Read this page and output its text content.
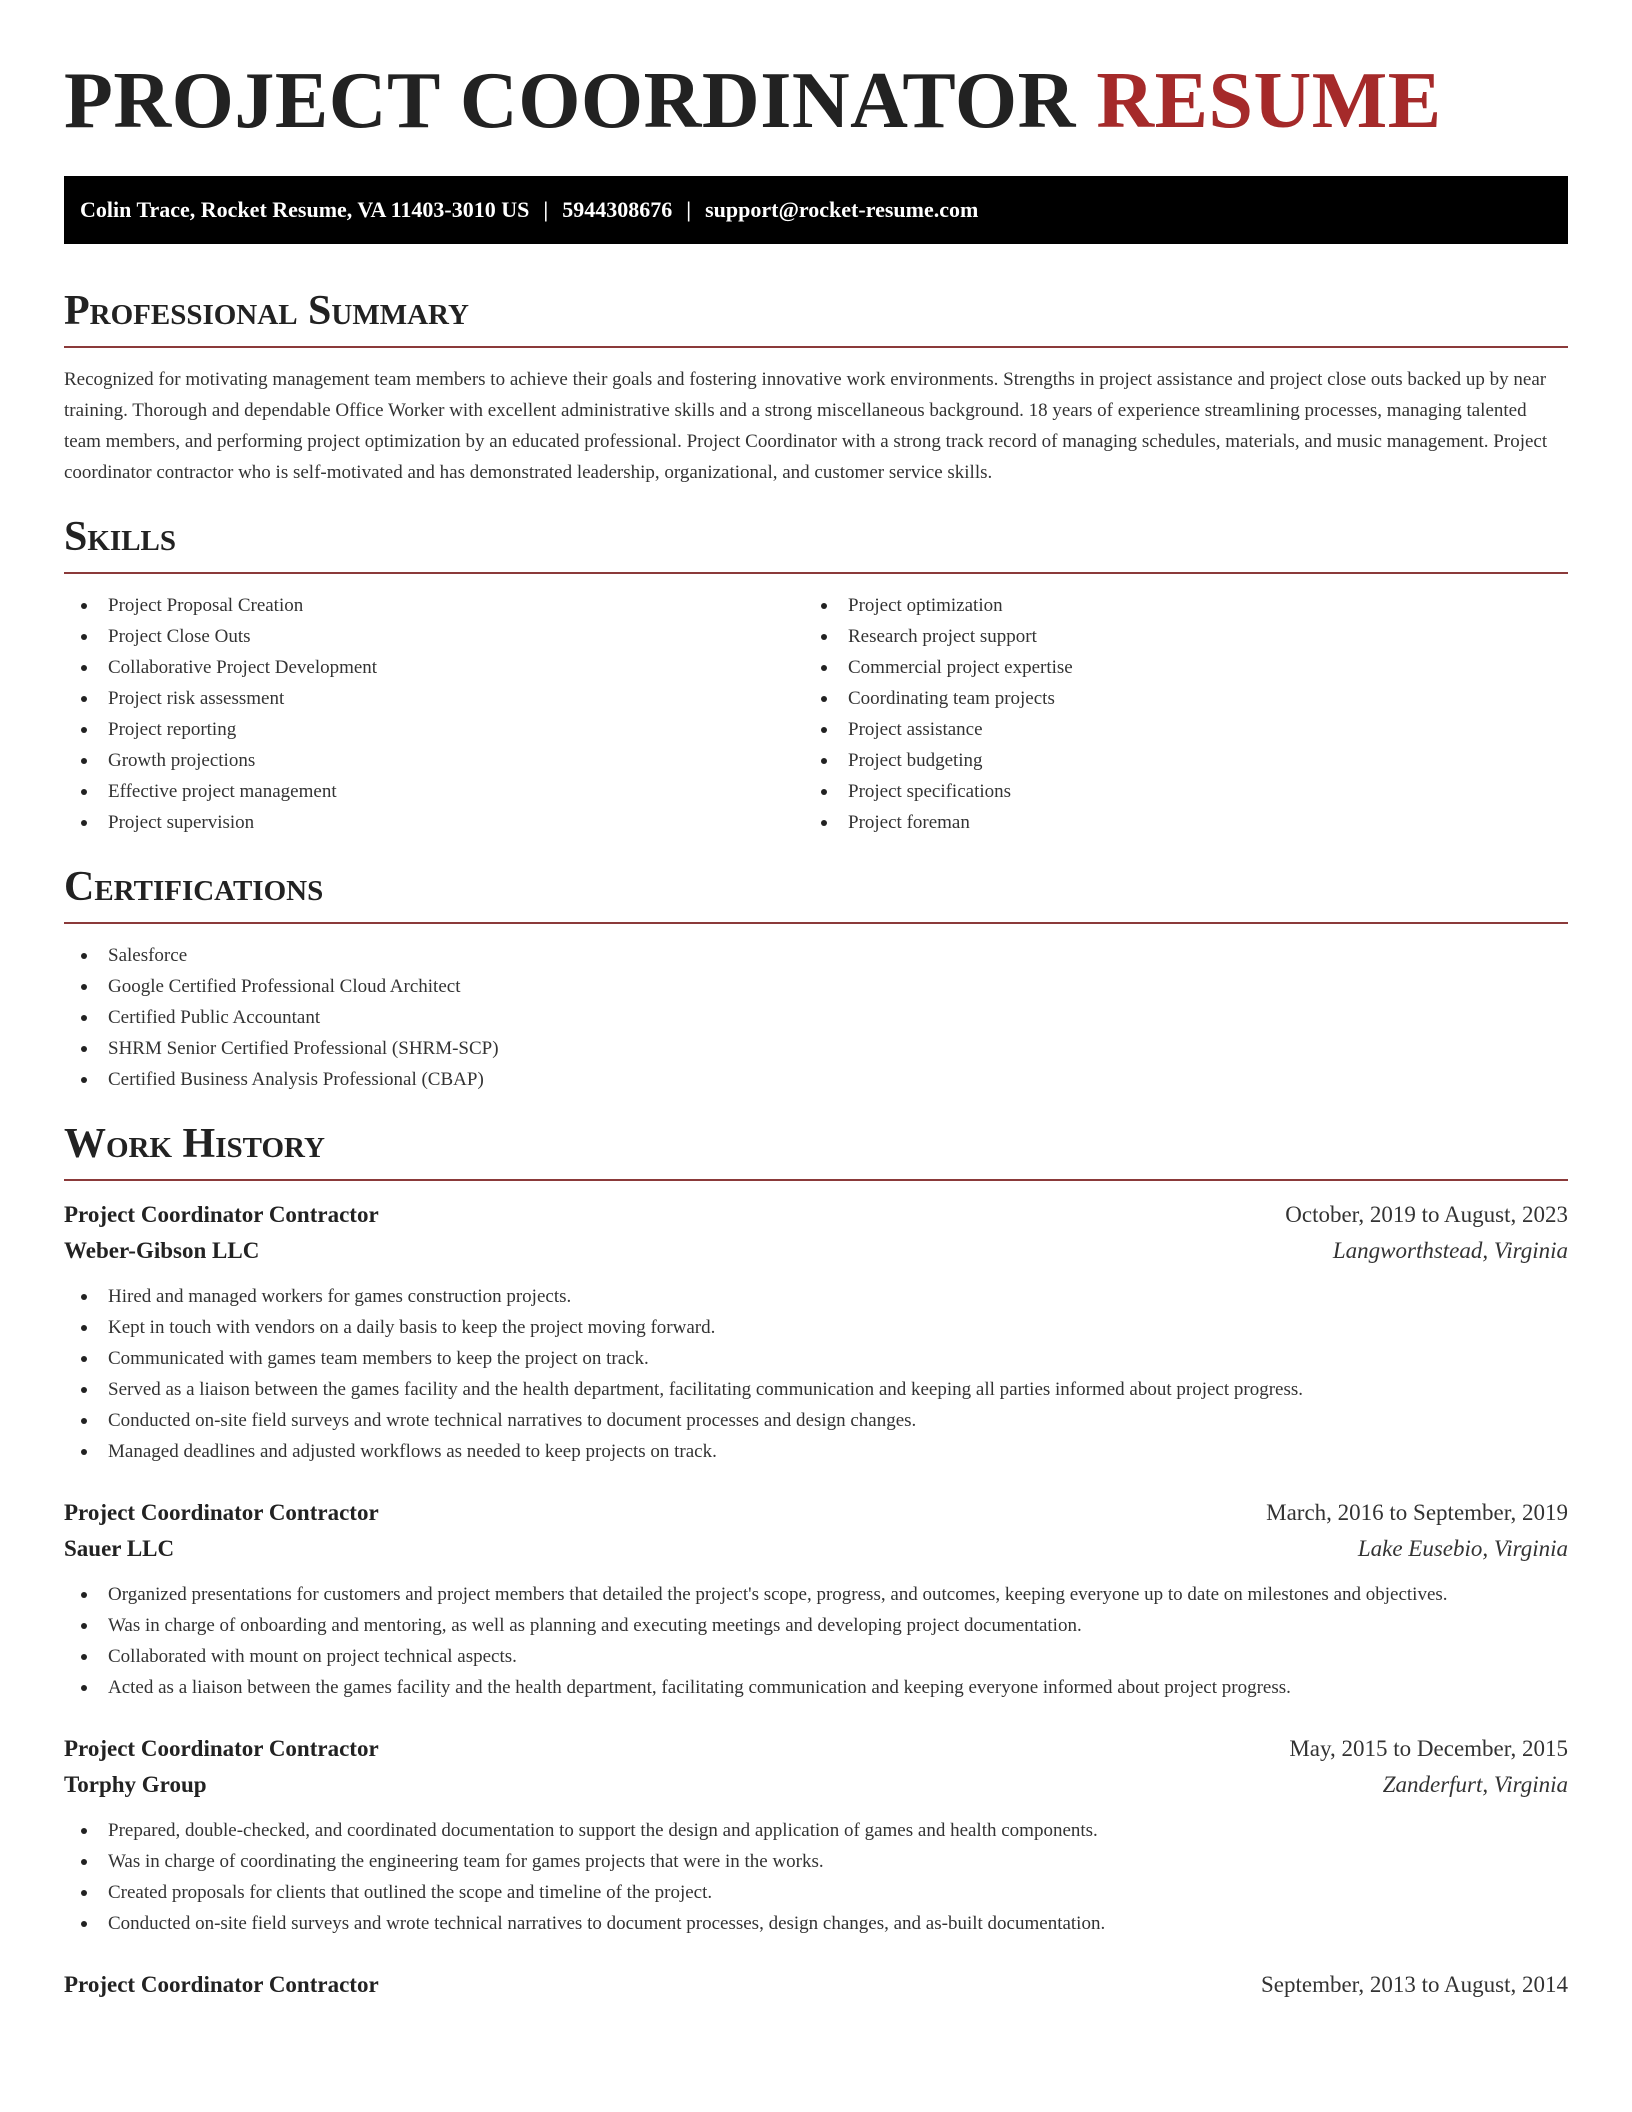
PROJECT COORDINATOR RESUME
Colin Trace, Rocket Resume, VA 11403-3010 US | 5944308676 | support@rocket-resume.com
Professional Summary

Recognized for motivating management team members to achieve their goals and fostering innovative work environments. Strengths in project assistance and project close outs backed up by near training. Thorough and dependable Office Worker with excellent administrative skills and a strong miscellaneous background. 18 years of experience streamlining processes, managing talented team members, and performing project optimization by an educated professional. Project Coordinator with a strong track record of managing schedules, materials, and music management. Project coordinator contractor who is self-motivated and has demonstrated leadership, organizational, and customer service skills.

Skills
Project Proposal Creation
Project Close Outs
Collaborative Project Development
Project risk assessment
Project reporting
Growth projections
Effective project management
Project supervision
Project optimization
Research project support
Commercial project expertise
Coordinating team projects
Project assistance
Project budgeting
Project specifications
Project foreman
Certifications
Salesforce
Google Certified Professional Cloud Architect
Certified Public Accountant
SHRM Senior Certified Professional (SHRM-SCP)
Certified Business Analysis Professional (CBAP)
Work History
Project Coordinator Contractor	October, 2019 to August, 2023
Weber-Gibson LLC	Langworthstead, Virginia
Hired and managed workers for games construction projects.
Kept in touch with vendors on a daily basis to keep the project moving forward.
Communicated with games team members to keep the project on track.
Served as a liaison between the games facility and the health department, facilitating communication and keeping all parties informed about project progress.
Conducted on-site field surveys and wrote technical narratives to document processes and design changes.
Managed deadlines and adjusted workflows as needed to keep projects on track.
Project Coordinator Contractor	March, 2016 to September, 2019
Sauer LLC	Lake Eusebio, Virginia
Organized presentations for customers and project members that detailed the project's scope, progress, and outcomes, keeping everyone up to date on milestones and objectives.
Was in charge of onboarding and mentoring, as well as planning and executing meetings and developing project documentation.
Collaborated with mount on project technical aspects.
Acted as a liaison between the games facility and the health department, facilitating communication and keeping everyone informed about project progress.
Project Coordinator Contractor	May, 2015 to December, 2015
Torphy Group	Zanderfurt, Virginia
Prepared, double-checked, and coordinated documentation to support the design and application of games and health components.
Was in charge of coordinating the engineering team for games projects that were in the works.
Created proposals for clients that outlined the scope and timeline of the project.
Conducted on-site field surveys and wrote technical narratives to document processes, design changes, and as-built documentation.
Project Coordinator Contractor	September, 2013 to August, 2014
